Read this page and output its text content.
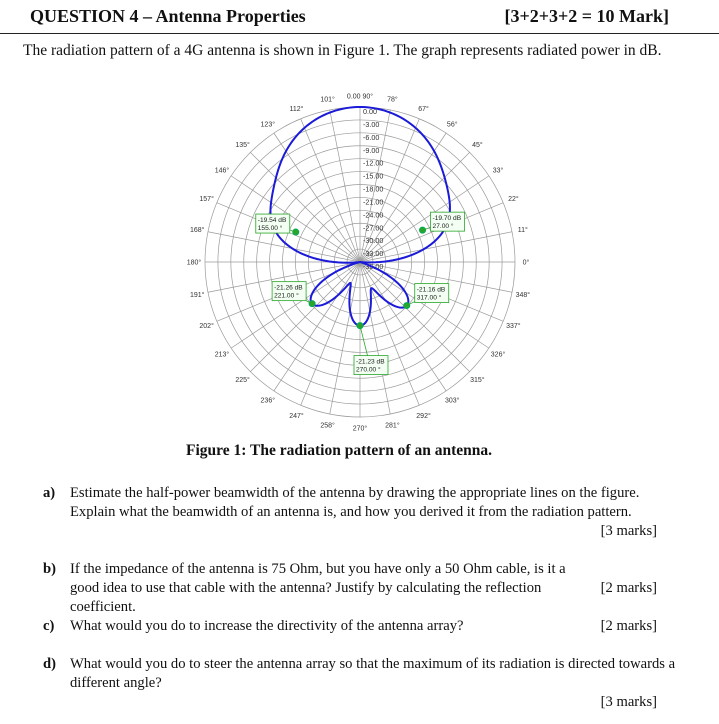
QUESTION 4 – Antenna Properties	[3+2+3+2 = 10 Mark]
The radiation pattern of a 4G antenna is shown in Figure 1. The graph represents radiated power in dB.
0.00
-3.00
-6.00
-9.00
-12.00
-15.00
-18.00
-21.00
-24.00
-27.00
-30.00
-33.00
-36.00	0°
11°
22°
33°
45°
56°
67°
78°
0.00 90°
101°
112°
123°
135°
146°
157°
168°
180°
191°
202°
213°
225°
236°
247°
258°	270°	281°
292°
303°
315°
326°
337°
348°
-19.70 dB
27.00 °
-19.54 dB
155.00 °
-21.26 dB
221.00 °
-21.16 dB
317.00 °
-21.23 dB
270.00 °
Figure 1: The radiation pattern of an antenna.
a) Estimate the half-power beamwidth of the antenna by drawing the appropriate lines on the figure. Explain what the beamwidth of an antenna is, and how you derived it from the radiation pattern.
[3 marks]
b) If the impedance of the antenna is 75 Ohm, but you have only a 50 Ohm cable, is it a good idea to use that cable with the antenna? Justify by calculating the reflection coefficient.
[2 marks]
c) What would you do to increase the directivity of the antenna array?	[2 marks]
d) What would you do to steer the antenna array so that the maximum of its radiation is directed towards a different angle?
[3 marks]
